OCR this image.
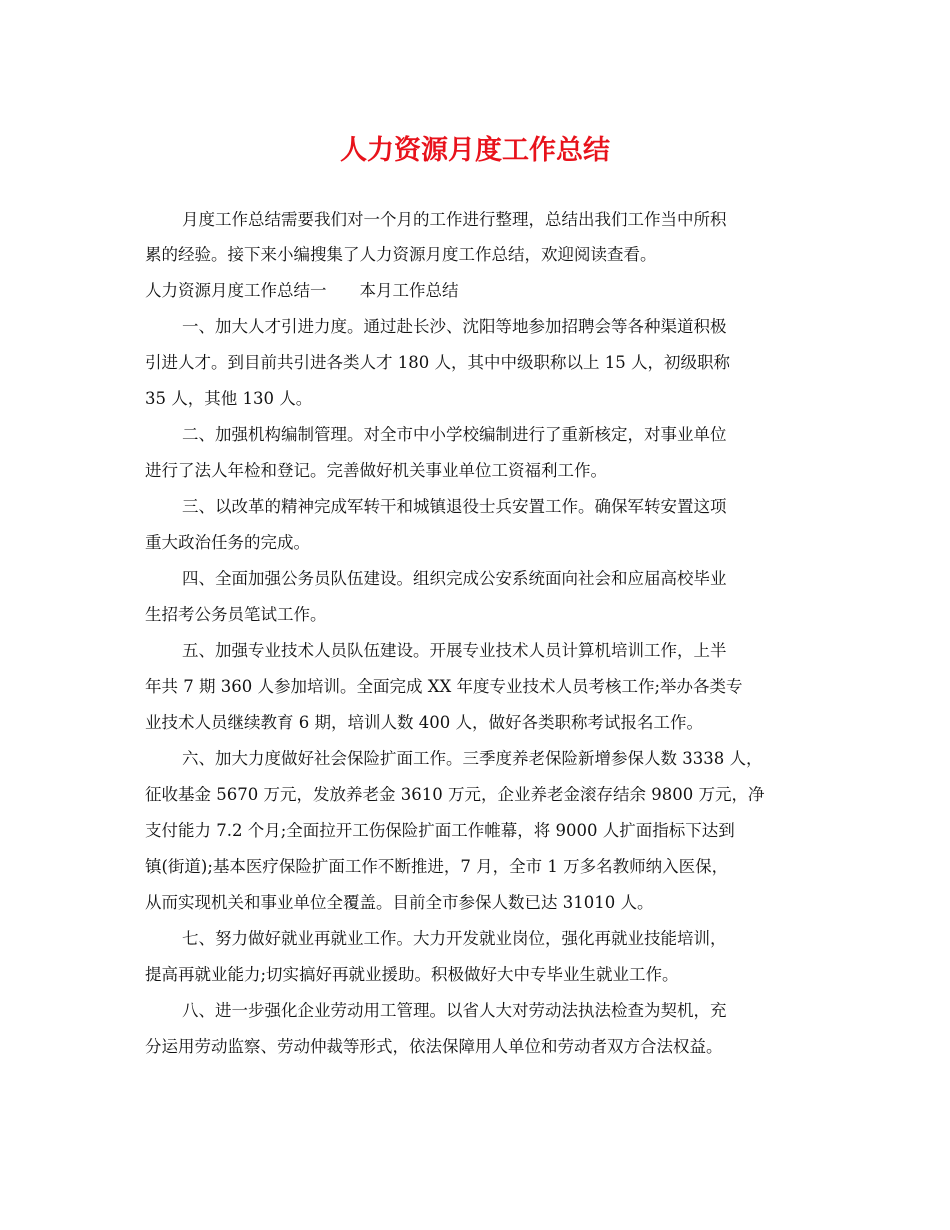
人力资源月度工作总结

月度工作总结需要我们对一个月的工作进行整理，总结出我们工作当中所积

累的经验。接下来小编搜集了人力资源月度工作总结，欢迎阅读查看。

人力资源月度工作总结一　　本月工作总结

一、加大人才引进力度。通过赴长沙、沈阳等地参加招聘会等各种渠道积极

引进人才。到目前共引进各类人才 180 人，其中中级职称以上 15 人，初级职称

35 人，其他 130 人。

二、加强机构编制管理。对全市中小学校编制进行了重新核定，对事业单位

进行了法人年检和登记。完善做好机关事业单位工资福利工作。

三、以改革的精神完成军转干和城镇退役士兵安置工作。确保军转安置这项

重大政治任务的完成。

四、全面加强公务员队伍建设。组织完成公安系统面向社会和应届高校毕业

生招考公务员笔试工作。

五、加强专业技术人员队伍建设。开展专业技术人员计算机培训工作，上半

年共 7 期 360 人参加培训。全面完成 XX 年度专业技术人员考核工作;举办各类专

业技术人员继续教育 6 期，培训人数 400 人，做好各类职称考试报名工作。

六、加大力度做好社会保险扩面工作。三季度养老保险新增参保人数 3338 人，

征收基金 5670 万元，发放养老金 3610 万元，企业养老金滚存结余 9800 万元，净

支付能力 7.2 个月;全面拉开工伤保险扩面工作帷幕，将 9000 人扩面指标下达到

镇(街道);基本医疗保险扩面工作不断推进，7 月，全市 1 万多名教师纳入医保，

从而实现机关和事业单位全覆盖。目前全市参保人数已达 31010 人。

七、努力做好就业再就业工作。大力开发就业岗位，强化再就业技能培训，

提高再就业能力;切实搞好再就业援助。积极做好大中专毕业生就业工作。

八、进一步强化企业劳动用工管理。以省人大对劳动法执法检查为契机，充

分运用劳动监察、劳动仲裁等形式，依法保障用人单位和劳动者双方合法权益。
